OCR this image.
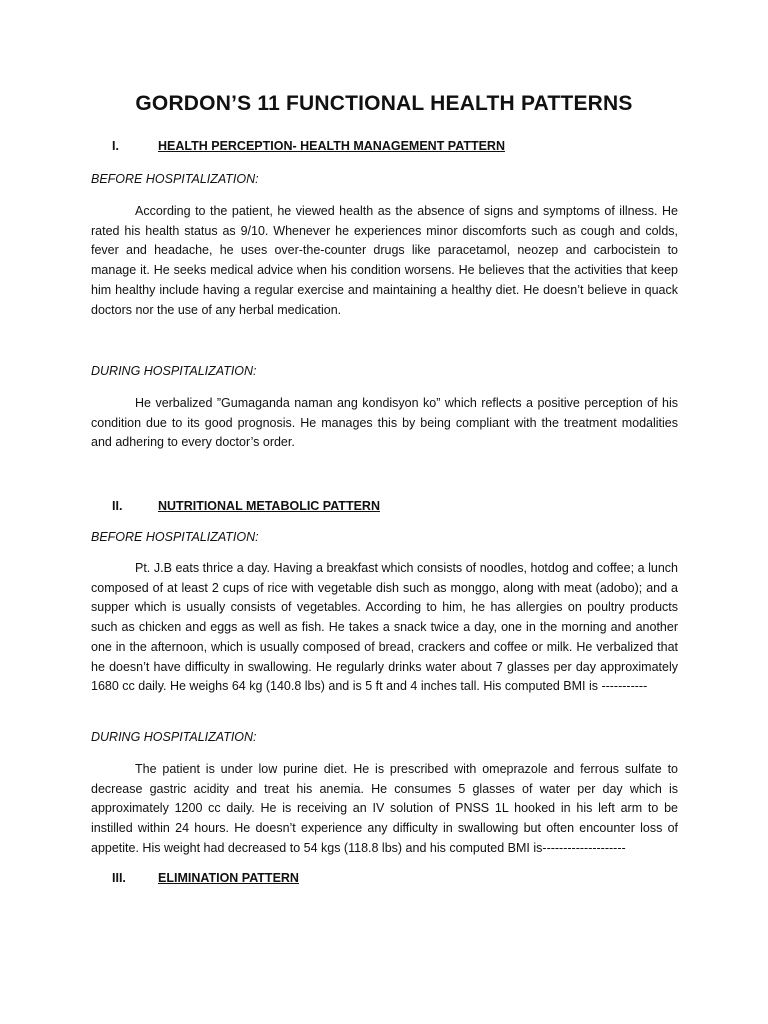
GORDON’S 11 FUNCTIONAL HEALTH PATTERNS
I.	HEALTH PERCEPTION- HEALTH MANAGEMENT PATTERN
BEFORE HOSPITALIZATION:
According to the patient, he viewed health as the absence of signs and symptoms of illness. He rated his health status as 9/10. Whenever he experiences minor discomforts such as cough and colds, fever and headache, he uses over-the-counter drugs like paracetamol, neozep and carbocistein to manage it. He seeks medical advice when his condition worsens. He believes that the activities that keep him healthy include having a regular exercise and maintaining a healthy diet. He doesn’t believe in quack doctors nor the use of any herbal medication.
DURING HOSPITALIZATION:
He verbalized ”Gumaganda naman ang kondisyon ko” which reflects a positive perception of his condition due to its good prognosis. He manages this by being compliant with the treatment modalities and adhering to every doctor’s order.
II.	NUTRITIONAL METABOLIC PATTERN
BEFORE HOSPITALIZATION:
Pt. J.B eats thrice a day. Having a breakfast which consists of noodles, hotdog and coffee; a lunch composed of at least 2 cups of rice with vegetable dish such as monggo, along with meat (adobo); and a supper which is usually consists of vegetables. According to him, he has allergies on poultry products such as chicken and eggs as well as fish. He takes a snack twice a day, one in the morning and another one in the afternoon, which is usually composed of bread, crackers and coffee or milk. He verbalized that he doesn’t have difficulty in swallowing. He regularly drinks water about 7 glasses per day approximately 1680 cc daily. He weighs 64 kg (140.8 lbs) and is 5 ft and 4 inches tall. His computed BMI is -----------
DURING HOSPITALIZATION:
The patient is under low purine diet. He is prescribed with omeprazole and ferrous sulfate to decrease gastric acidity and treat his anemia. He consumes 5 glasses of water per day which is approximately 1200 cc daily. He is receiving an IV solution of PNSS 1L hooked in his left arm to be instilled within 24 hours. He doesn’t experience any difficulty in swallowing but often encounter loss of appetite. His weight had decreased to 54 kgs (118.8 lbs) and his computed BMI is--------------------
III.	ELIMINATION PATTERN
